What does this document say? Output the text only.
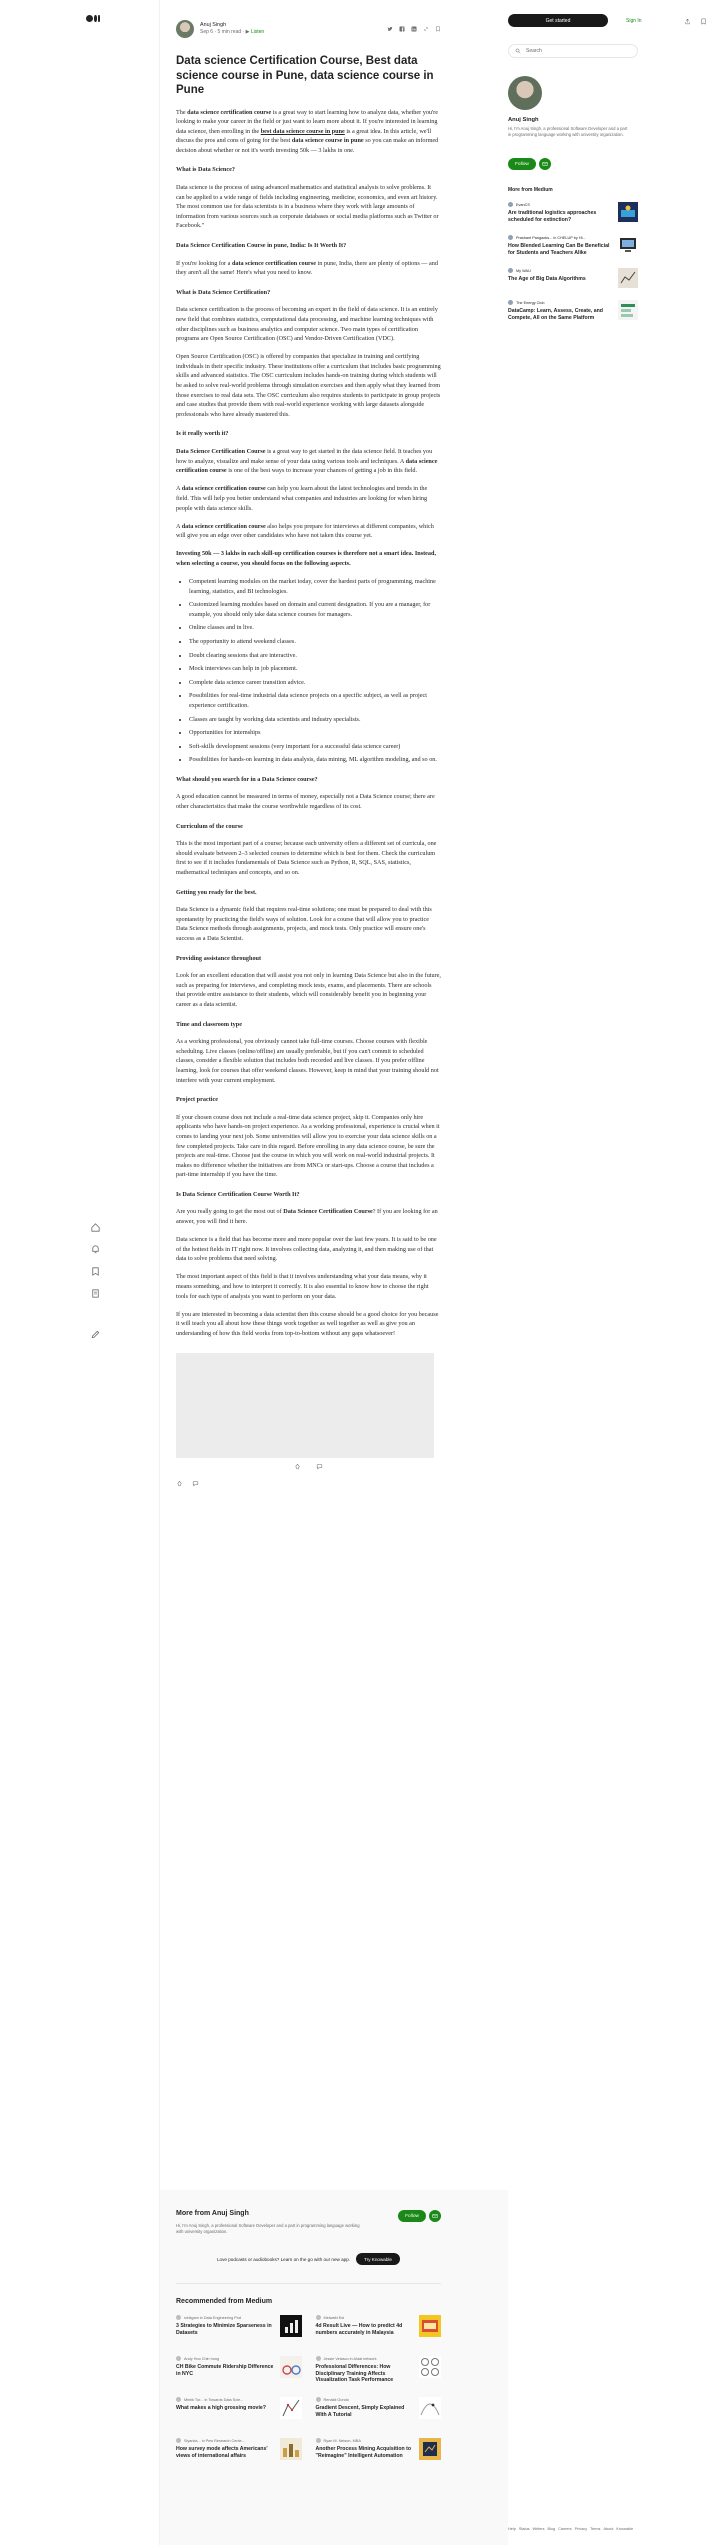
Anuj Singh
Sep 6 · 5 min read · ▶ Listen
Data science Certification Course, Best data science course in Pune, data science course in Pune

The data science certification course is a great way to start learning how to analyze data, whether you're looking to make your career in the field or just want to learn more about it. If you're interested in learning data science, then enrolling in the best data science course in pune is a great idea. In this article, we'll discuss the pros and cons of going for the best data science course in pune so you can make an informed decision about whether or not it's worth investing 50k — 3 lakhs in one.

What is Data Science?

Data science is the process of using advanced mathematics and statistical analysis to solve problems. It can be applied to a wide range of fields including engineering, medicine, economics, and even art history. The most common use for data scientists is in a business where they work with large amounts of information from various sources such as corporate databases or social media platforms such as Twitter or Facebook."

Data Science Certification Course in pune, India: Is It Worth It?

If you're looking for a data science certification course in pune, India, there are plenty of options — and they aren't all the same! Here's what you need to know.

What is Data Science Certification?

Data science certification is the process of becoming an expert in the field of data science. It is an entirely new field that combines statistics, computational data processing, and machine learning techniques with other disciplines such as business analytics and computer science. Two main types of certification programs are Open Source Certification (OSC) and Vendor-Driven Certification (VDC).

Open Source Certification (OSC) is offered by companies that specialize in training and certifying individuals in their specific industry. These institutions offer a curriculum that includes basic programming skills and advanced statistics. The OSC curriculum includes hands-on training during which students will be asked to solve real-world problems through simulation exercises and then apply what they learned from those exercises to real data sets. The OSC curriculum also requires students to participate in group projects and case studies that provide them with real-world experience working with large datasets alongside professionals who have already mastered this.

Is it really worth it?

Data Science Certification Course is a great way to get started in the data science field. It teaches you how to analyze, visualize and make sense of your data using various tools and techniques. A data science certification course is one of the best ways to increase your chances of getting a job in this field.

A data science certification course can help you learn about the latest technologies and trends in the field. This will help you better understand what companies and industries are looking for when hiring people with data science skills.

A data science certification course also helps you prepare for interviews at different companies, which will give you an edge over other candidates who have not taken this course yet.

Investing 50k — 3 lakhs in each skill-up certification courses is therefore not a smart idea. Instead, when selecting a course, you should focus on the following aspects.

• Competent learning modules on the market today, cover the hardest parts of programming, machine learning, statistics, and BI technologies.
• Customized learning modules based on domain and current designation. If you are a manager, for example, you should only take data science courses for managers.
• Online classes and in live.
• The opportunity to attend weekend classes.
• Doubt clearing sessions that are interactive.
• Mock interviews can help in job placement.
• Complete data science career transition advice.
• Possibilities for real-time industrial data science projects on a specific subject, as well as project experience certification.
• Classes are taught by working data scientists and industry specialists.
• Opportunities for internships
• Soft-skills development sessions (very important for a successful data science career)
• Possibilities for hands-on learning in data analysis, data mining, ML algorithm modeling, and so on.
What should you search for in a Data Science course?

A good education cannot be measured in terms of money, especially not a Data Science course; there are other characteristics that make the course worthwhile regardless of its cost.

Curriculum of the course

This is the most important part of a course; because each university offers a different set of curricula, one should evaluate between 2–3 selected courses to determine which is best for them. Check the curriculum first to see if it includes fundamentals of Data Science such as Python, R, SQL, SAS, statistics, mathematical techniques and concepts, and so on.

Getting you ready for the best.

Data Science is a dynamic field that requires real-time solutions; one must be prepared to deal with this spontaneity by practicing the field's ways of solution. Look for a course that will allow you to practice Data Science methods through assignments, projects, and mock tests. Only practice will ensure one's success as a Data Scientist.

Providing assistance throughout

Look for an excellent education that will assist you not only in learning Data Science but also in the future, such as preparing for interviews, and completing mock tests, exams, and placements. There are schools that provide entire assistance to their students, which will considerably benefit you in beginning your career as a data scientist.

Time and classroom type

As a working professional, you obviously cannot take full-time courses. Choose courses with flexible scheduling. Live classes (online/offline) are usually preferable, but if you can't commit to scheduled classes, consider a flexible solution that includes both recorded and live classes. If you prefer offline learning, look for courses that offer weekend classes. However, keep in mind that your training should not interfere with your current employment.

Project practice

If your chosen course does not include a real-time data science project, skip it. Companies only hire applicants who have hands-on project experience. As a working professional, experience is crucial when it comes to landing your next job. Some universities will allow you to exercise your data science skills on a few completed projects. Take care in this regard. Before enrolling in any data science course, be sure the projects are real-time. Choose just the course in which you will work on real-world industrial projects. It makes no difference whether the initiatives are from MNCs or start-ups. Choose a course that includes a part-time internship if you have the time.

Is Data Science Certification Course Worth It?

Are you really going to get the most out of Data Science Certification Course? If you are looking for an answer, you will find it here.

Data science is a field that has become more and more popular over the last few years. It is said to be one of the hottest fields in IT right now. It involves collecting data, analyzing it, and then making use of that data to solve problems that need solving.

The most important aspect of this field is that it involves understanding what your data means, why it means something, and how to interpret it correctly. It is also essential to know how to choose the right tools for each type of analysis you want to perform on your data.

If you are interested in becoming a data scientist then this course should be a good choice for you because it will teach you all about how these things work together as well together as well as give you an understanding of how this field works from top-to-bottom without any gaps whatsoever!

More from Anuj Singh
Hi, I'm Anuj Singh, a professional Software Developer and a part in programming language working with university organization.
Follow
Love podcasts or audiobooks? Learn on the go with our new app.	Try Knowable
Recommended from Medium
rohitgam in Data Engineering Pod
3 Strategies to Minimize Sparseness in Datasets
Meiwafd Est
4d Result Live — How to predict 4d numbers accurately in Malaysia
Andy Hoo Chin hong
CH Bike Commute Ridership Difference in NYC
Jessie Velasco in Aldat network
Professional Differences: How Disciplinary Training Affects Visualization Task Performance
Mimik Tur... in Towards Data Scie...
What makes a high grossing movie?
Renaldi Gondo
Gradient Descent, Simply Explained With A Tutorial
Siyanka... in Pew Research Cente...
How survey mode affects Americans' views of international affairs
Ryan M. Nelson, MBA
Another Process Mining Acquisition to "Reimagine" Intelligent Automation
Get started	Sign In
Search
Anuj Singh
Hi, I'm Anuj Singh, a professional Software Developer and a part in programming language working with university organization.
Follow
More from Medium
EvanCS
Are traditional logistics approaches scheduled for extinction?
Prashant Pangaoks... in CHELUP by Hi...
How Blended Learning Can Be Beneficial for Students and Teachers Alike
My WAU
The Age of Big Data Algorithms
The Energy Club
DataCamp: Learn, Assess, Create, and Compete, All on the Same Platform
Help Status Writers Blog Careers Privacy Terms About Knowable
